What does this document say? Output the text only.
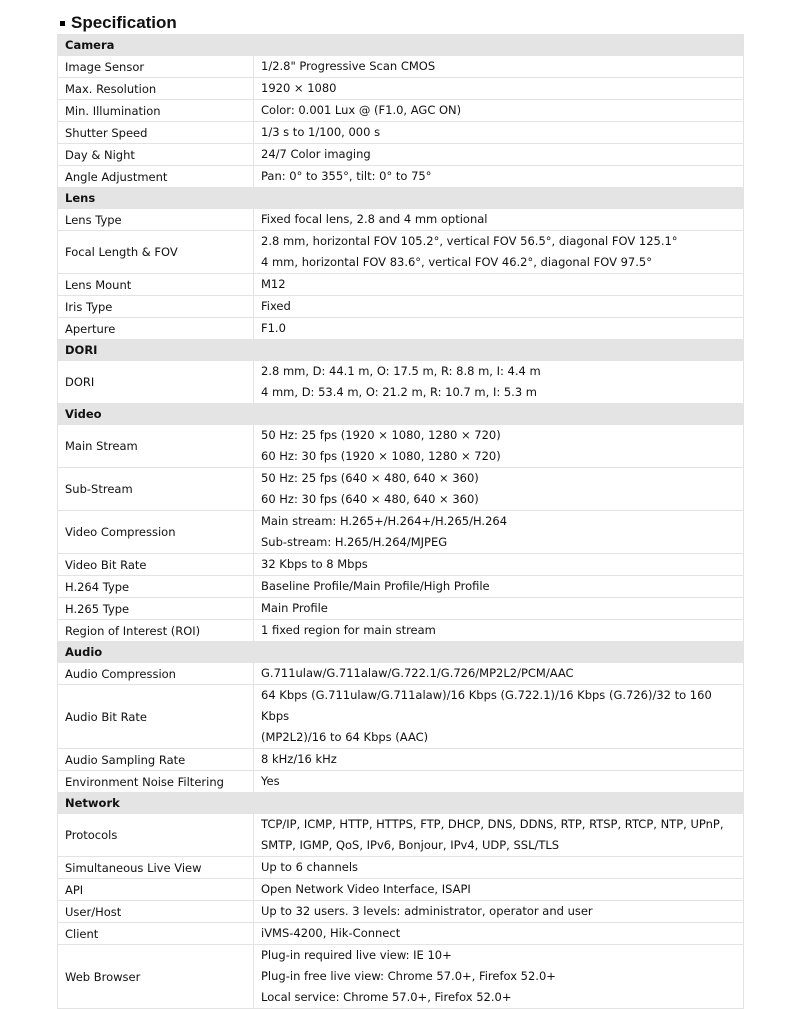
Specification
Camera	
Image Sensor	1/2.8" Progressive Scan CMOS

Max. Resolution	1920 × 1080

Min. Illumination	Color: 0.001 Lux @ (F1.0, AGC ON)

Shutter Speed	1/3 s to 1/100, 000 s

Day & Night	24/7 Color imaging

Angle Adjustment	Pan: 0° to 355°, tilt: 0° to 75°

Lens	
Lens Type	Fixed focal lens, 2.8 and 4 mm optional

Focal Length & FOV	2.8 mm, horizontal FOV 105.2°, vertical FOV 56.5°, diagonal FOV 125.1°
4 mm, horizontal FOV 83.6°, vertical FOV 46.2°, diagonal FOV 97.5°

Lens Mount	M12

Iris Type	Fixed

Aperture	F1.0

DORI	
DORI	2.8 mm, D: 44.1 m, O: 17.5 m, R: 8.8 m, I: 4.4 m
4 mm, D: 53.4 m, O: 21.2 m, R: 10.7 m, I: 5.3 m

Video	
Main Stream	50 Hz: 25 fps (1920 × 1080, 1280 × 720)
60 Hz: 30 fps (1920 × 1080, 1280 × 720)

Sub-Stream	50 Hz: 25 fps (640 × 480, 640 × 360)
60 Hz: 30 fps (640 × 480, 640 × 360)

Video Compression	Main stream: H.265+/H.264+/H.265/H.264
Sub-stream: H.265/H.264/MJPEG

Video Bit Rate	32 Kbps to 8 Mbps

H.264 Type	Baseline Profile/Main Profile/High Profile

H.265 Type	Main Profile

Region of Interest (ROI)	1 fixed region for main stream

Audio	
Audio Compression	G.711ulaw/G.711alaw/G.722.1/G.726/MP2L2/PCM/AAC

Audio Bit Rate	64 Kbps (G.711ulaw/G.711alaw)/16 Kbps (G.722.1)/16 Kbps (G.726)/32 to 160 Kbps
(MP2L2)/16 to 64 Kbps (AAC)

Audio Sampling Rate	8 kHz/16 kHz

Environment Noise Filtering	Yes

Network	
Protocols	TCP/IP, ICMP, HTTP, HTTPS, FTP, DHCP, DNS, DDNS, RTP, RTSP, RTCP, NTP, UPnP,
SMTP, IGMP, QoS, IPv6, Bonjour, IPv4, UDP, SSL/TLS

Simultaneous Live View	Up to 6 channels

API	Open Network Video Interface, ISAPI

User/Host	Up to 32 users. 3 levels: administrator, operator and user

Client	iVMS-4200, Hik-Connect

Web Browser	Plug-in required live view: IE 10+
Plug-in free live view: Chrome 57.0+, Firefox 52.0+
Local service: Chrome 57.0+, Firefox 52.0+
